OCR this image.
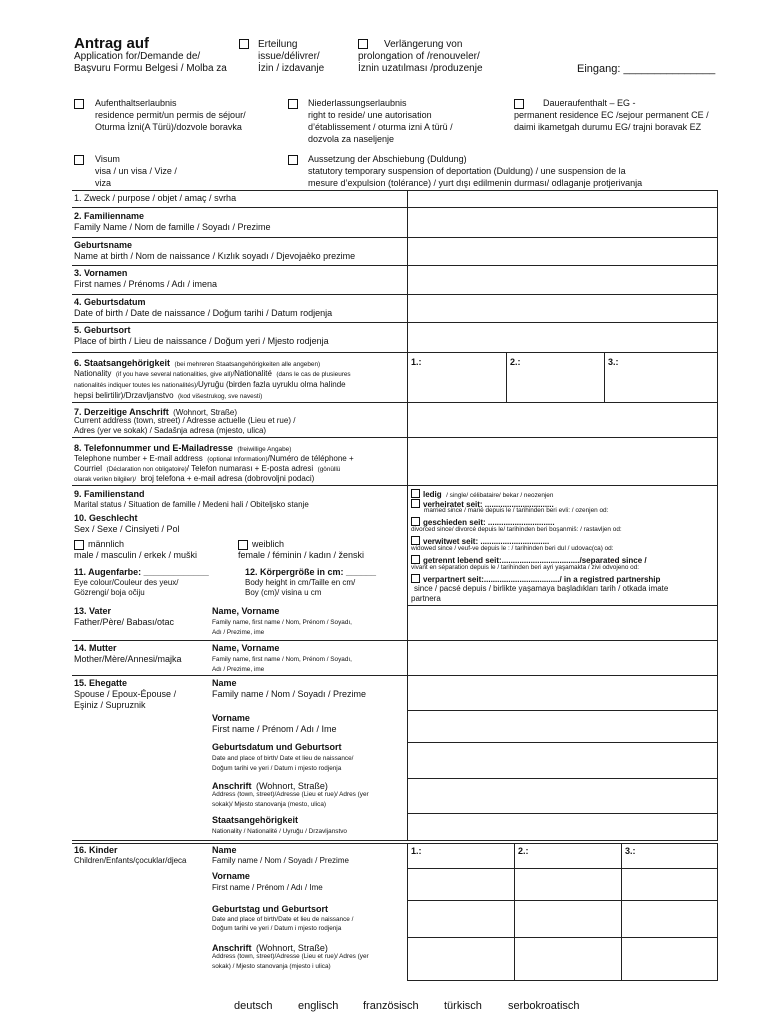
Antrag auf
Application for/Demande de/
Başvuru Formu Belgesi / Molba za
Erteilung
issue/délivrer/
İzin / izdavanje
Verlängerung von
prolongation of /renouveler/
İznin uzatılması /produzenje	Eingang: _______________
Aufenthaltserlaubnis
residence permit/un permis de séjour/
Oturma İzni(A Türü)/dozvole boravka
Niederlassungserlaubnis
right to reside/ une autorisation
d’établissement / oturma izni A türü /
dozvola za naseljenje
Daueraufenthalt – EG -
permanent residence EC /sejour permanent CE /
daimi ikametgah durumu EG/ trajni boravak EZ
Visum
visa / un visa / Vize /
viza
Aussetzung der Abschiebung (Duldung)
statutory temporary suspension of deportation (Duldung) / une suspension de la
mesure d’expulsion (tolérance) / yurt dışı edilmenin durması/ odlaganje protjerivanja
1. Zweck / purpose / objet / amaç / svrha
2. Familienname
Family Name / Nom de famille / Soyadı / Prezime
Geburtsname
Name at birth / Nom de naissance / Kızlık soyadı / Djevojaèko prezime
3. Vornamen
First names / Prénoms / Adı / imena
4. Geburtsdatum
Date of birth / Date de naissance / Doğum tarihi / Datum rodjenja
5. Geburtsort
Place of birth / Lieu de naissance / Doğum yeri / Mjesto rodjenja
6. Staatsangehörigkeit (bei mehreren Staatsangehörigkeiten alle angeben)
Nationality (if you have several nationalities, give all)/Nationalité (dans le cas de plusieures
nationalités indiquer toutes les nationalités)/Uyruğu (birden fazla uyruklu olma halinde
hepsi belirtilir)/Drzavljanstvo (kod višestrukog, sve navesti)
1.:	2.:	3.:
7. Derzeitige Anschrift (Wohnort, Straße)
Current address (town, street) / Adresse actuelle (Lieu et rue) /
Adres (yer ve sokak) / Sadašnja adresa (mjesto, ulica)
8. Telefonnummer und E-Mailadresse (freiwillige Angabe)
Telephone number + E-mail address (optional Information)/Numéro de téléphone +
Courriel (Déclaration non obligatoire)/ Telefon numarası + E-posta adresi (gönüllü
olarak verilen bilgiler)/ broj telefona + e-mail adresa (dobrovoljni podaci)
9. Familienstand
Marital status / Situation de famille / Medeni hali / Obiteljsko stanje
10. Geschlecht
Sex / Sexe / Cinsiyeti / Pol
männlich
male / masculin / erkek / muški
weiblich
female / féminin / kadın / ženski
11. Augenfarbe: _____________
Eye colour/Couleur des yeux/
Gözrengi/ boja očiju
12. Körpergröße in cm: ______
Body height in cm/Taille en cm/
Boy (cm)/ visina u cm
ledig / single/ célibataire/ bekar / neozenjen
verheiratet seit: ...............................
married since / marié depuis le / tarihinden beri evli: / ozenjen od:
geschieden seit: ..............................
divorced since/ divorcé depuis le/ tarihinden beri boşanmiš: / rastavljen od:
verwitwet seit: ...............................
widowed since / veuf-ve depuis le : / tarihinden beri dul / udovac(ca) od:
getrennt lebend seit:.................................../separated since /
vivant en séparation depuis le / tarihinden beri ayri yaşamakta / zivi odvojeno od:
verpartnert seit:................................../ in a registred partnership
since / pacsé depuis / birlikte yaşamaya başladıkları tarih / otkada imate
partnera
13. Vater
Father/Père/ Babası/otac
Name, Vorname
Family name, first name / Nom, Prénom / Soyadı,
Adı / Prezime, ime
14. Mutter
Mother/Mère/Annesi/majka
Name, Vorname
Family name, first name / Nom, Prénom / Soyadı,
Adı / Prezime, ime
15. Ehegatte
Spouse / Epoux-Épouse /
Eşiniz / Supruznik
Name
Family name / Nom / Soyadı / Prezime
Vorname
First name / Prénom / Adı / Ime
Geburtsdatum und Geburtsort
Date and place of birth/ Date et lieu de naissance/
Doğum tarihi ve yeri / Datum i mjesto rodjenja
Anschrift (Wohnort, Straße)
Address (town, street)/Adresse (Lieu et rue)/ Adres (yer
sokak)/ Mjesto stanovanja (mesto, ulica)
Staatsangehörigkeit
Nationality / Nationalité / Uyruğu / Drzavljanstvo
16. Kinder
Children/Enfants/çocuklar/djeca
Name
Family name / Nom / Soyadı / Prezime
Vorname
First name / Prénom / Adı / Ime
Geburtstag und Geburtsort
Date and place of birth/Date et lieu de naissance /
Doğum tarihi ve yeri / Datum i mjesto rodjenja
Anschrift (Wohnort, Straße)
Address (town, street)/Adresse (Lieu et rue)/ Adres (yer
sokak) / Mjesto stanovanja (mjesto i ulica)
1.:	2.:	3.:
deutsch englisch französisch türkisch serbokroatisch
